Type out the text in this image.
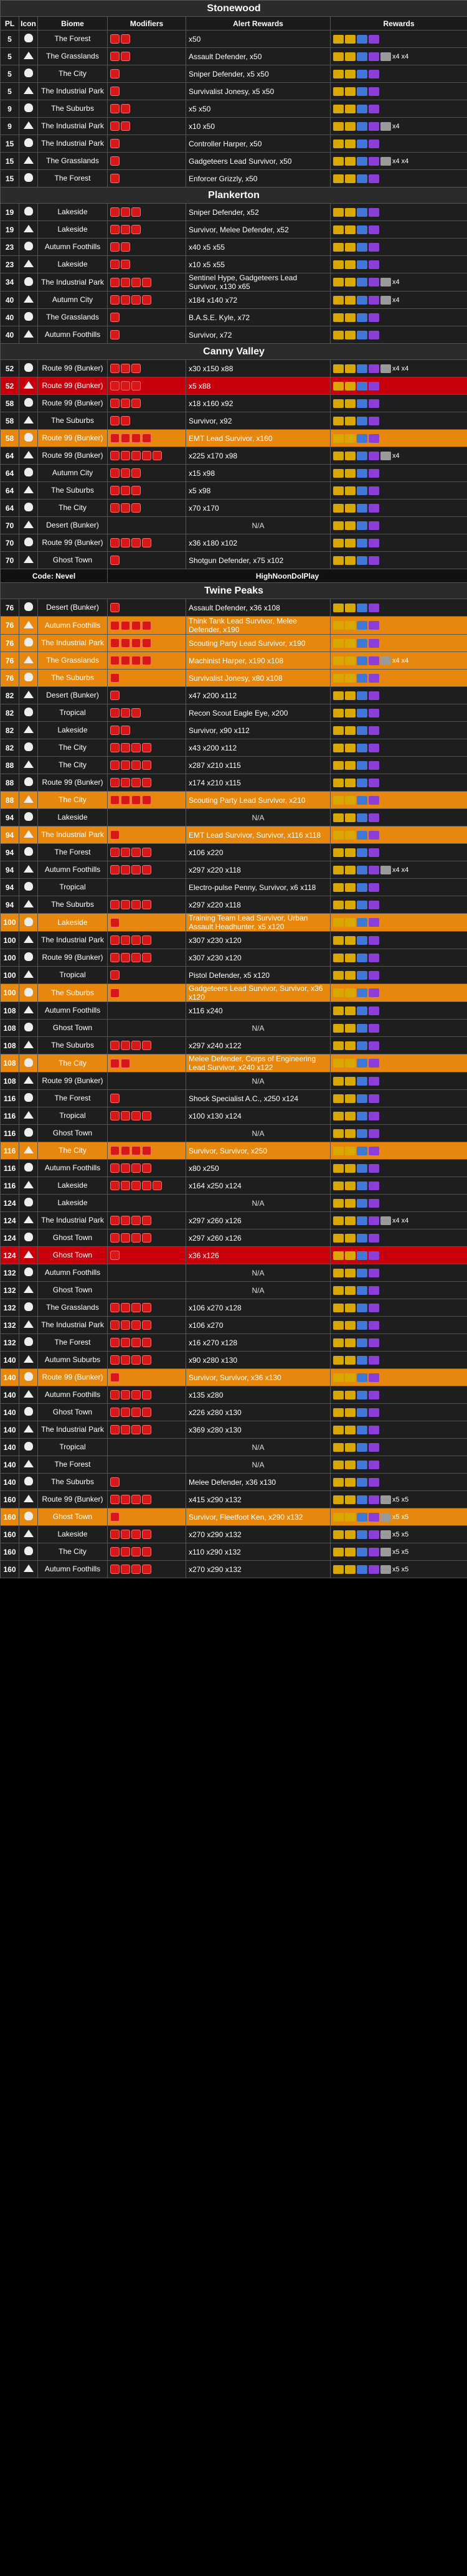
Stonewood					
PL	Icon	Biome	Modifiers	Alert Rewards	Rewards
5		The Forest		x50	
5		The Grasslands		Assault Defender, x50	x4 x4
5		The City		Sniper Defender, x5 x50	
5		The Industrial Park		Survivalist Jonesy, x5 x50	
9		The Suburbs		x5 x50	
9		The Industrial Park		x10 x50	x4
15		The Industrial Park		Controller Harper, x50	
15		The Grasslands		Gadgeteers Lead Survivor, x50	x4 x4
15		The Forest		Enforcer Grizzly, x50	
Plankerton					
19		Lakeside		Sniper Defender, x52	
19		Lakeside		Survivor, Melee Defender, x52	
23		Autumn Foothills		x40 x5 x55	
23		Lakeside		x10 x5 x55	
34		The Industrial Park		Sentinel Hype, Gadgeteers Lead Survivor, x130 x65	x4
40		Autumn City		x184 x140 x72	x4
40		The Grasslands		B.A.S.E. Kyle, x72	
40		Autumn Foothills		Survivor, x72	
Canny Valley					
52		Route 99 (Bunker)		x30 x150 x88	x4 x4
52		Route 99 (Bunker)		x5 x88	
58		Route 99 (Bunker)		x18 x160 x92	
58		The Suburbs		Survivor, x92	
58		Route 99 (Bunker)		EMT Lead Survivor, x160	
64		Route 99 (Bunker)		x225 x170 x98	x4
64		Autumn City		x15 x98	
64		The Suburbs		x5 x98	
64		The City		x70 x170	
70		Desert (Bunker)		N/A	
70		Route 99 (Bunker)		x36 x180 x102	
70		Ghost Town		Shotgun Defender, x75 x102	
Code: Nevel			HighNoonDolPlay		
Twine Peaks					
76		Desert (Bunker)		Assault Defender, x36 x108	
76		Autumn Foothills		Think Tank Lead Survivor, Melee Defender, x190	
76		The Industrial Park		Scouting Party Lead Survivor, x190	
76		The Grasslands		Machinist Harper, x190 x108	x4 x4
76		The Suburbs		Survivalist Jonesy, x80 x108	
82		Desert (Bunker)		x47 x200 x112	
82		Tropical		Recon Scout Eagle Eye, x200	
82		Lakeside		Survivor, x90 x112	
82		The City		x43 x200 x112	
88		The City		x287 x210 x115	
88		Route 99 (Bunker)		x174 x210 x115	
88		The City		Scouting Party Lead Survivor, x210	
94		Lakeside		N/A	
94		The Industrial Park		EMT Lead Survivor, Survivor, x116 x118	
94		The Forest		x106 x220	
94		Autumn Foothills		x297 x220 x118	x4 x4
94		Tropical		Electro-pulse Penny, Survivor, x6 x118	
94		The Suburbs		x297 x220 x118	
100		Lakeside		Training Team Lead Survivor, Urban Assault Headhunter, x5 x120	
100		The Industrial Park		x307 x230 x120	
100		Route 99 (Bunker)		x307 x230 x120	
100		Tropical		Pistol Defender, x5 x120	
100		The Suburbs		Gadgeteers Lead Survivor, Survivor, x36 x120	
108		Autumn Foothills		x116 x240	
108		Ghost Town		N/A	
108		The Suburbs		x297 x240 x122	
108		The City		Melee Defender, Corps of Engineering Lead Survivor, x240 x122	
108		Route 99 (Bunker)		N/A	
116		The Forest		Shock Specialist A.C., x250 x124	
116		Tropical		x100 x130 x124	
116		Ghost Town		N/A	
116		The City		Survivor, Survivor, x250	
116		Autumn Foothills		x80 x250	
116		Lakeside		x164 x250 x124	
124		Lakeside		N/A	
124		The Industrial Park		x297 x260 x126	x4 x4
124		Ghost Town		x297 x260 x126	
124		Ghost Town		x36 x126	
132		Autumn Foothills		N/A	
132		Ghost Town		N/A	
132		The Grasslands		x106 x270 x128	
132		The Industrial Park		x106 x270	
132		The Forest		x16 x270 x128	
140		Autumn Suburbs		x90 x280 x130	
140		Route 99 (Bunker)		Survivor, Survivor, x36 x130	
140		Autumn Foothills		x135 x280	
140		Ghost Town		x226 x280 x130	
140		The Industrial Park		x369 x280 x130	
140		Tropical		N/A	
140		The Forest		N/A	
140		The Suburbs		Melee Defender, x36 x130	
160		Route 99 (Bunker)		x415 x290 x132	x5 x5
160		Ghost Town		Survivor, Fleetfoot Ken, x290 x132	x5 x5
160		Lakeside		x270 x290 x132	x5 x5
160		The City		x110 x290 x132	x5 x5
160		Autumn Foothills		x270 x290 x132	x5 x5
